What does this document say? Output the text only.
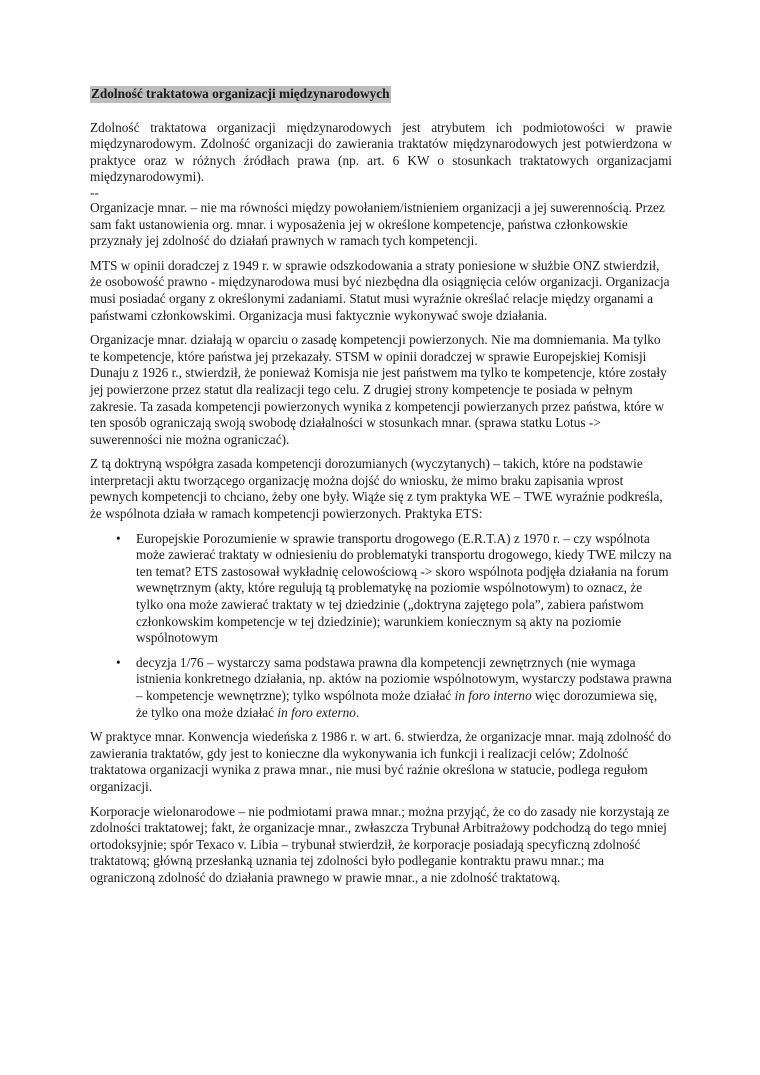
Zdolność traktatowa organizacji międzynarodowych

Zdolność traktatowa organizacji międzynarodowych jest atrybutem ich podmiotowości w prawie międzynarodowym. Zdolność organizacji do zawierania traktatów międzynarodowych jest potwierdzona w praktyce oraz w różnych źródłach prawa (np. art. 6 KW o stosunkach traktatowych organizacjami międzynarodowymi).

--

Organizacje mnar. – nie ma równości między powołaniem/istnieniem organizacji a jej suwerennością. Przez sam fakt ustanowienia org. mnar. i wyposażenia jej w określone kompetencje, państwa członkowskie przyznały jej zdolność do działań prawnych w ramach tych kompetencji.

MTS w opinii doradczej z 1949 r. w sprawie odszkodowania a straty poniesione w służbie ONZ stwierdził, że osobowość prawno - międzynarodowa musi być niezbędna dla osiągnięcia celów organizacji. Organizacja musi posiadać organy z określonymi zadaniami. Statut musi wyraźnie określać relacje między organami a państwami członkowskimi. Organizacja musi faktycznie wykonywać swoje działania.

Organizacje mnar. działają w oparciu o zasadę kompetencji powierzonych. Nie ma domniemania. Ma tylko te kompetencje, które państwa jej przekazały. STSM w opinii doradczej w sprawie Europejskiej Komisji Dunaju z 1926 r., stwierdził, że ponieważ Komisja nie jest państwem ma tylko te kompetencje, które zostały jej powierzone przez statut dla realizacji tego celu. Z drugiej strony kompetencje te posiada w pełnym zakresie. Ta zasada kompetencji powierzonych wynika z kompetencji powierzanych przez państwa, które w ten sposób ograniczają swoją swobodę działalności w stosunkach mnar. (sprawa statku Lotus -> suwerenności nie można ograniczać).

Z tą doktryną współgra zasada kompetencji dorozumianych (wyczytanych) – takich, które na podstawie interpretacji aktu tworzącego organizację można dojść do wniosku, że mimo braku zapisania wprost pewnych kompetencji to chciano, żeby one były. Wiąże się z tym praktyka WE – TWE wyraźnie podkreśla, że wspólnota działa w ramach kompetencji powierzonych. Praktyka ETS:

• Europejskie Porozumienie w sprawie transportu drogowego (E.R.T.A) z 1970 r. – czy wspólnota może zawierać traktaty w odniesieniu do problematyki transportu drogowego, kiedy TWE milczy na ten temat? ETS zastosował wykładnię celowościową -> skoro wspólnota podjęła działania na forum wewnętrznym (akty, które regulują tą problematykę na poziomie wspólnotowym) to oznacz, że tylko ona może zawierać traktaty w tej dziedzinie („doktryna zajętego pola”, zabiera państwom członkowskim kompetencje w tej dziedzinie); warunkiem koniecznym są akty na poziomie wspólnotowym
• decyzja 1/76 – wystarczy sama podstawa prawna dla kompetencji zewnętrznych (nie wymaga istnienia konkretnego działania, np. aktów na poziomie wspólnotowym, wystarczy podstawa prawna – kompetencje wewnętrzne); tylko wspólnota może działać in foro interno więc dorozumiewa się, że tylko ona może działać in foro externo.

W praktyce mnar. Konwencja wiedeńska z 1986 r. w art. 6. stwierdza, że organizacje mnar. mają zdolność do zawierania traktatów, gdy jest to konieczne dla wykonywania ich funkcji i realizacji celów; Zdolność traktatowa organizacji wynika z prawa mnar., nie musi być raźnie określona w statucie, podlega regułom organizacji.

Korporacje wielonarodowe – nie podmiotami prawa mnar.; można przyjąć, że co do zasady nie korzystają ze zdolności traktatowej; fakt, że organizacje mnar., zwłaszcza Trybunał Arbitrażowy podchodzą do tego mniej ortodoksyjnie; spór Texaco v. Libia – trybunał stwierdził, że korporacje posiadają specyficzną zdolność traktatową; główną przesłanką uznania tej zdolności było podleganie kontraktu prawu mnar.; ma ograniczoną zdolność do działania prawnego w prawie mnar., a nie zdolność traktatową.
